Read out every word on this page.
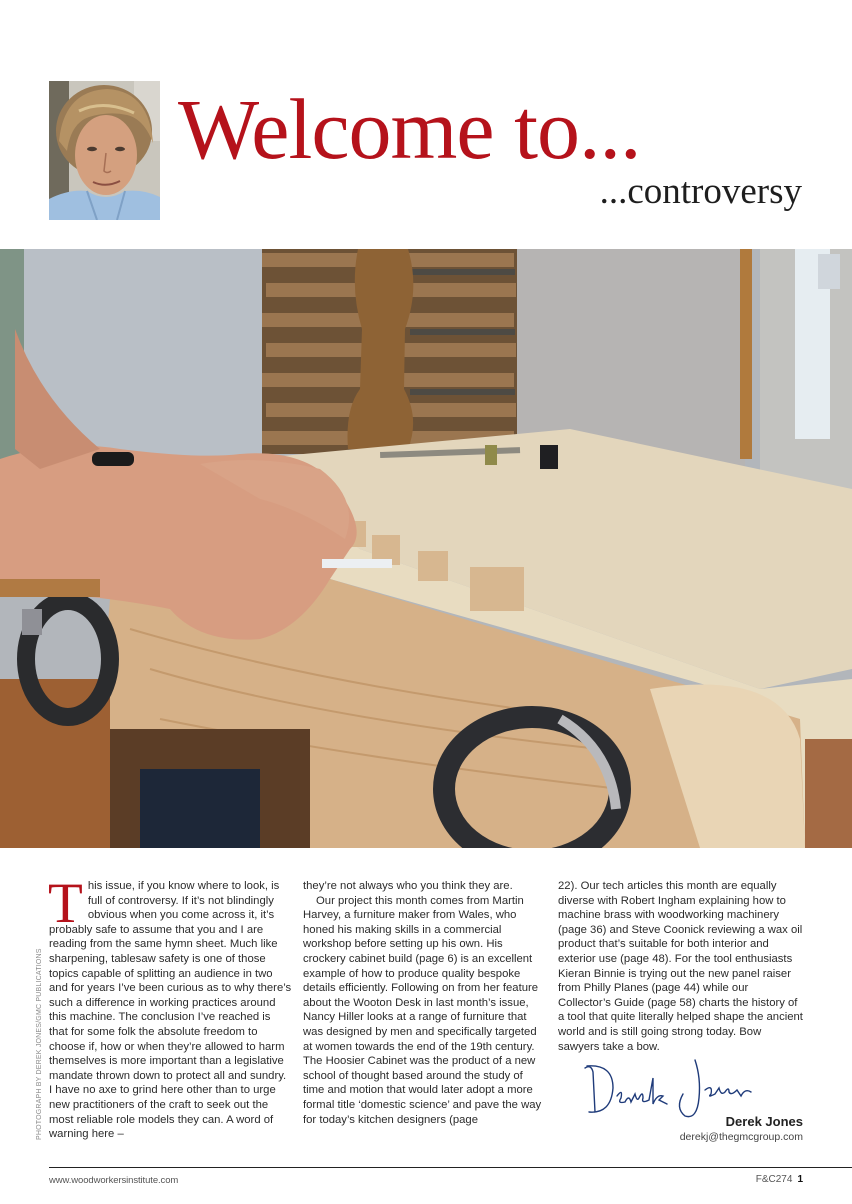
Welcome to...
...controversy
PHOTOGRAPH BY DEREK JONES/GMC PUBLICATIONS
T his issue, if you know where to look, is full of controversy. If it’s not blindingly obvious when you come across it, it’s probably safe to assume that you and I are reading from the same hymn sheet. Much like sharpening, tablesaw safety is one of those topics capable of splitting an audience in two and for years I’ve been curious as to why there’s such a difference in working practices around this machine. The conclusion I’ve reached is that for some folk the absolute freedom to choose if, how or when they’re allowed to harm themselves is more important than a legislative mandate thrown down to protect all and sundry. I have no axe to grind here other than to urge new practitioners of the craft to seek out the most reliable role models they can. A word of warning here –

they’re not always who you think they are.

Our project this month comes from Martin Harvey, a furniture maker from Wales, who honed his making skills in a commercial workshop before setting up his own. His crockery cabinet build (page 6) is an excellent example of how to produce quality bespoke details efficiently. Following on from her feature about the Wooton Desk in last month’s issue, Nancy Hiller looks at a range of furniture that was designed by men and specifically targeted at women towards the end of the 19th century. The Hoosier Cabinet was the product of a new school of thought based around the study of time and motion that would later adopt a more formal title ‘domestic science’ and pave the way for today’s kitchen designers (page

22). Our tech articles this month are equally diverse with Robert Ingham explaining how to machine brass with woodworking machinery (page 36) and Steve Coonick reviewing a wax oil product that’s suitable for both interior and exterior use (page 48). For the tool enthusiasts Kieran Binnie is trying out the new panel raiser from Philly Planes (page 44) while our Collector’s Guide (page 58) charts the history of a tool that quite literally helped shape the ancient world and is still going strong today. Bow sawyers take a bow.

Derek Jones
derekj@thegmcgroup.com
www.woodworkersinstitute.com	F&C274 1
